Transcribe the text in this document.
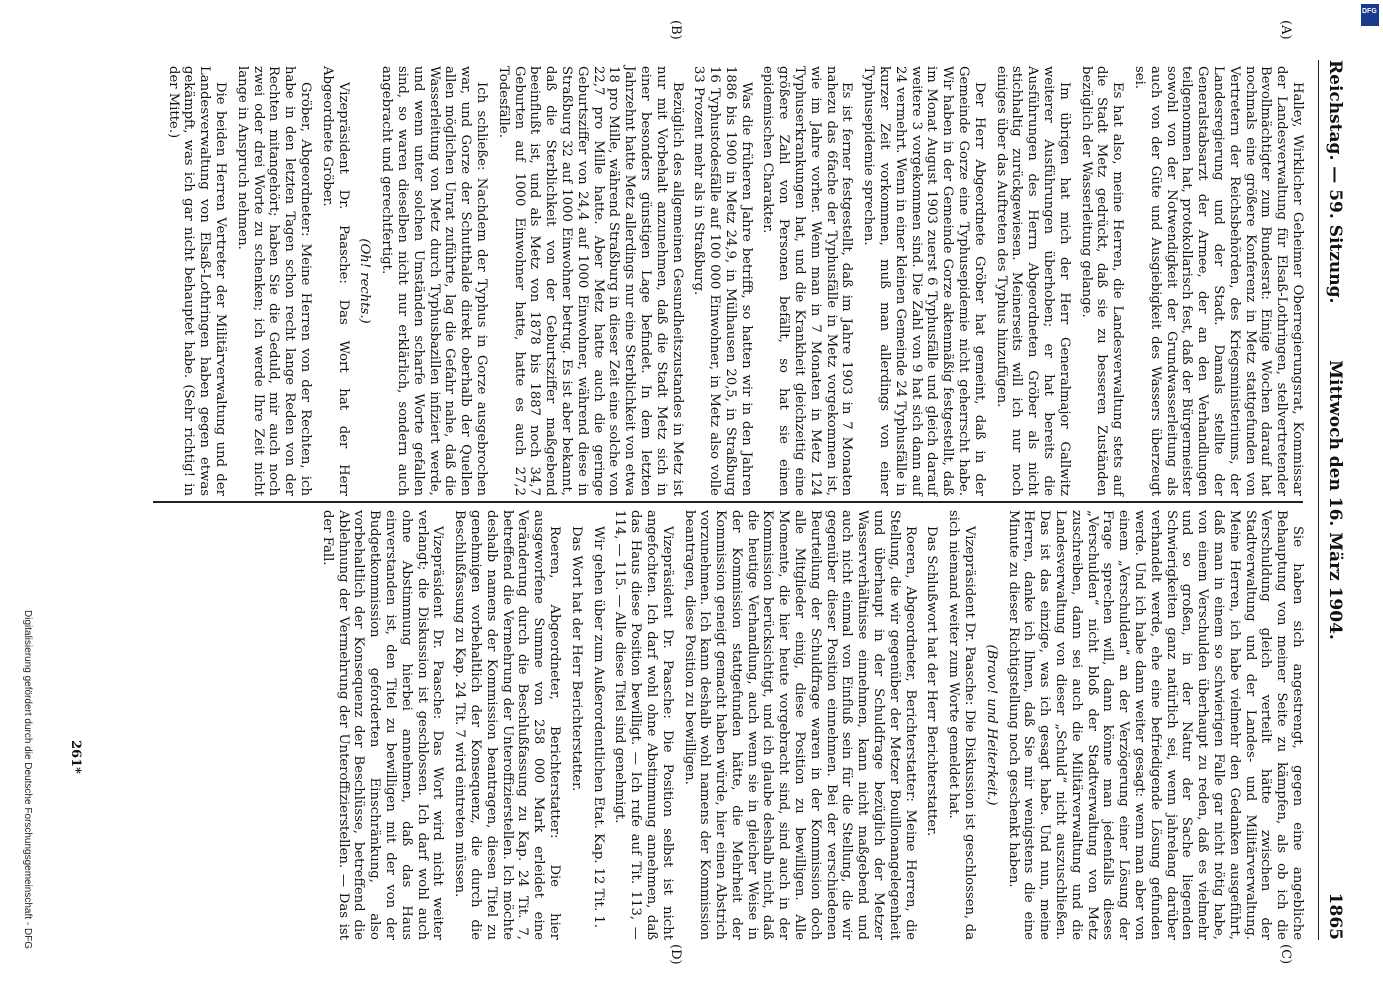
Reichstag. — 59. Sitzung.
Mittwoch den 16. März 1904.
1865
(A)
(B)
(C)
(D)

Halley, Wirklicher Geheimer Oberregierungsrat, Kommissar der Landesverwaltung für Elsaß-Lothringen, stellvertretender Bevollmächtigter zum Bundesrat: Einige Wochen darauf hat nochmals eine größere Konferenz in Metz stattgefunden von Vertretern der Reichsbehörden, des Kriegsministeriums, der Landesregierung und der Stadt. Damals stellte der Generalstabsarzt der Armee, der an den Verhandlungen teilgenommen hat, protokollarisch fest, daß der Bürgermeister sowohl von der Notwendigkeit der Grundwasserleitung als auch von der Güte und Ausgiebigkeit des Wassers überzeugt sei.

Es hat also, meine Herren, die Landesverwaltung stets auf die Stadt Metz gedrückt, daß sie zu besseren Zuständen bezüglich der Wasserleitung gelange.

Im übrigen hat mich der Herr Generalmajor Gallwitz weiterer Ausführungen überhoben; er hat bereits die Ausführungen des Herrn Abgeordneten Gröber als nicht stichhaltig zurückgewiesen. Meinerseits will ich nur noch einiges über das Auftreten des Typhus hinzufügen.

Der Herr Abgeordnete Gröber hat gemeint, daß in der Gemeinde Gorze eine Typhusepidemie nicht geherrscht habe. Wir haben in der Gemeinde Gorze aktenmäßig festgestellt, daß im Monat August 1903 zuerst 6 Typhusfälle und gleich darauf weitere 3 vorgekommen sind. Die Zahl von 9 hat sich dann auf 24 vermehrt. Wenn in einer kleinen Gemeinde 24 Typhusfälle in kurzer Zeit vorkommen, muß man allerdings von einer Typhusepidemie sprechen.

Es ist ferner festgestellt, daß im Jahre 1903 in 7 Monaten nahezu das 6fache der Typhusfälle in Metz vorgekommen ist, wie im Jahre vorher. Wenn man in 7 Monaten in Metz 124 Typhuserkrankungen hat, und die Krankheit gleichzeitig eine größere Zahl von Personen befällt, so hat sie einen epidemischen Charakter.

Was die früheren Jahre betrifft, so hatten wir in den Jahren 1886 bis 1900 in Metz 24,9, in Mülhausen 20,5, in Straßburg 16 Typhustodesfälle auf 100 000 Einwohner, in Metz also volle 33 Prozent mehr als in Straßburg.

Bezüglich des allgemeinen Gesundheitszustandes in Metz ist nur mit Vorbehalt anzunehmen, daß die Stadt Metz sich in einer besonders günstigen Lage befindet. In dem letzten Jahrzehnt hatte Metz allerdings nur eine Sterblichkeit von etwa 18 pro Mille, während Straßburg in dieser Zeit eine solche von 22,7 pro Mille hatte. Aber Metz hatte auch die geringe Geburtsziffer von 24,4 auf 1000 Einwohner, während diese in Straßburg 32 auf 1000 Einwohner betrug. Es ist aber bekannt, daß die Sterblichkeit von der Geburtsziffer maßgebend beeinflußt ist, und als Metz von 1878 bis 1887 noch 34,7 Geburten auf 1000 Einwohner hatte, hatte es auch 27,2 Todesfälle.

Ich schließe: Nachdem der Typhus in Gorze ausgebrochen war, und Gorze der Schutthalde direkt oberhalb der Quellen allen möglichen Unrat zuführte, lag die Gefahr nahe, daß die Wasserleitung von Metz durch Typhusbazillen infiziert werde, und wenn unter solchen Umständen scharfe Worte gefallen sind, so waren dieselben nicht nur erklärlich, sondern auch angebracht und gerechtfertigt.

(Oh! rechts.)

Vizepräsident Dr. Paasche: Das Wort hat der Herr Abgeordnete Gröber.

Gröber, Abgeordneter: Meine Herren von der Rechten, ich habe in den letzten Tagen schon recht lange Reden von der Rechten mitangehört; haben Sie die Geduld, mir auch noch zwei oder drei Worte zu schenken; ich werde Ihre Zeit nicht lange in Anspruch nehmen.

Die beiden Herren Vertreter der Militärverwaltung und der Landesverwaltung von Elsaß-Lothringen haben gegen etwas gekämpft, was ich gar nicht behauptet habe. (Sehr richtig! in der Mitte.)

Sie haben sich angestrengt, gegen eine angebliche Behauptung von meiner Seite zu kämpfen, als ob ich die Verschuldung gleich verteilt hätte zwischen der Stadtverwaltung und der Landes- und Militärverwaltung. Meine Herren, ich habe vielmehr den Gedanken ausgeführt, daß man in einem so schwierigen Falle gar nicht nötig habe, von einem Verschulden überhaupt zu reden, daß es vielmehr und so großen, in der Natur der Sache liegenden Schwierigkeiten ganz natürlich sei, wenn jahrelang darüber verhandelt werde, ehe eine befriedigende Lösung gefunden werde. Und ich habe dann weiter gesagt: wenn man aber von einem „Verschulden“ an der Verzögerung einer Lösung der Frage sprechen will, dann könne man jedenfalls dieses „Verschulden“ nicht bloß der Stadtverwaltung von Metz zuschreiben, dann sei auch die Militärverwaltung und die Landesverwaltung von dieser „Schuld“ nicht auszuschließen. Das ist das einzige, was ich gesagt habe. Und nun, meine Herren, danke ich Ihnen, daß Sie mir wenigstens die eine Minute zu dieser Richtigstellung noch geschenkt haben.

(Bravo! und Heiterkeit.)

Vizepräsident Dr. Paasche: Die Diskussion ist geschlossen, da sich niemand weiter zum Worte gemeldet hat.

Das Schlußwort hat der Herr Berichterstatter.

Roeren, Abgeordneter, Berichterstatter: Meine Herren, die Stellung, die wir gegenüber der Metzer Bouillonangelegenheit und überhaupt in der Schuldfrage bezüglich der Metzer Wasserverhältnisse einnehmen, kann nicht maßgebend und auch nicht einmal von Einfluß sein für die Stellung, die wir gegenüber dieser Position einnehmen. Bei der verschiedenen Beurteilung der Schuldfrage waren in der Kommission doch alle Mitglieder einig, diese Position zu bewilligen. Alle Momente, die hier heute vorgebracht sind, sind auch in der Kommission berücksichtigt, und ich glaube deshalb nicht, daß die heutige Verhandlung, auch wenn sie in gleicher Weise in der Kommission stattgefunden hätte, die Mehrheit der Kommission geneigt gemacht haben würde, hier einen Abstrich vorzunehmen. Ich kann deshalb wohl namens der Kommission beantragen, diese Position zu bewilligen.

Vizepräsident Dr. Paasche: Die Position selbst ist nicht angefochten. Ich darf wohl ohne Abstimmung annehmen, daß das Haus diese Position bewilligt. — Ich rufe auf Tit. 113, — 114, — 115. — Alle diese Titel sind genehmigt.

Wir gehen über zum Außerordentlichen Etat. Kap. 12 Tit. 1.

Das Wort hat der Herr Berichterstatter.

Roeren, Abgeordneter, Berichterstatter: Die hier ausgeworfene Summe von 258 000 Mark erleidet eine Veränderung durch die Beschlußfassung zu Kap. 24 Tit. 7, betreffend die Vermehrung der Unteroffizierstellen. Ich möchte deshalb namens der Kommission beantragen, diesen Titel zu genehmigen vorbehaltlich der Konsequenz, die durch die Beschlußfassung zu Kap. 24 Tit. 7 wird eintreten müssen.

Vizepräsident Dr. Paasche: Das Wort wird nicht weiter verlangt; die Diskussion ist geschlossen. Ich darf wohl auch ohne Abstimmung hierbei annehmen, daß das Haus einverstanden ist, den Titel zu bewilligen mit der von der Budgetkommission geforderten Einschränkung, also vorbehaltlich der Konsequenz der Beschlüsse, betreffend die Ablehnung der Vermehrung der Unteroffizierstellen. — Das ist der Fall.

261*
Digitalisierung gefördert durch die Deutsche Forschungsgemeinschaft - DFG
DFG
